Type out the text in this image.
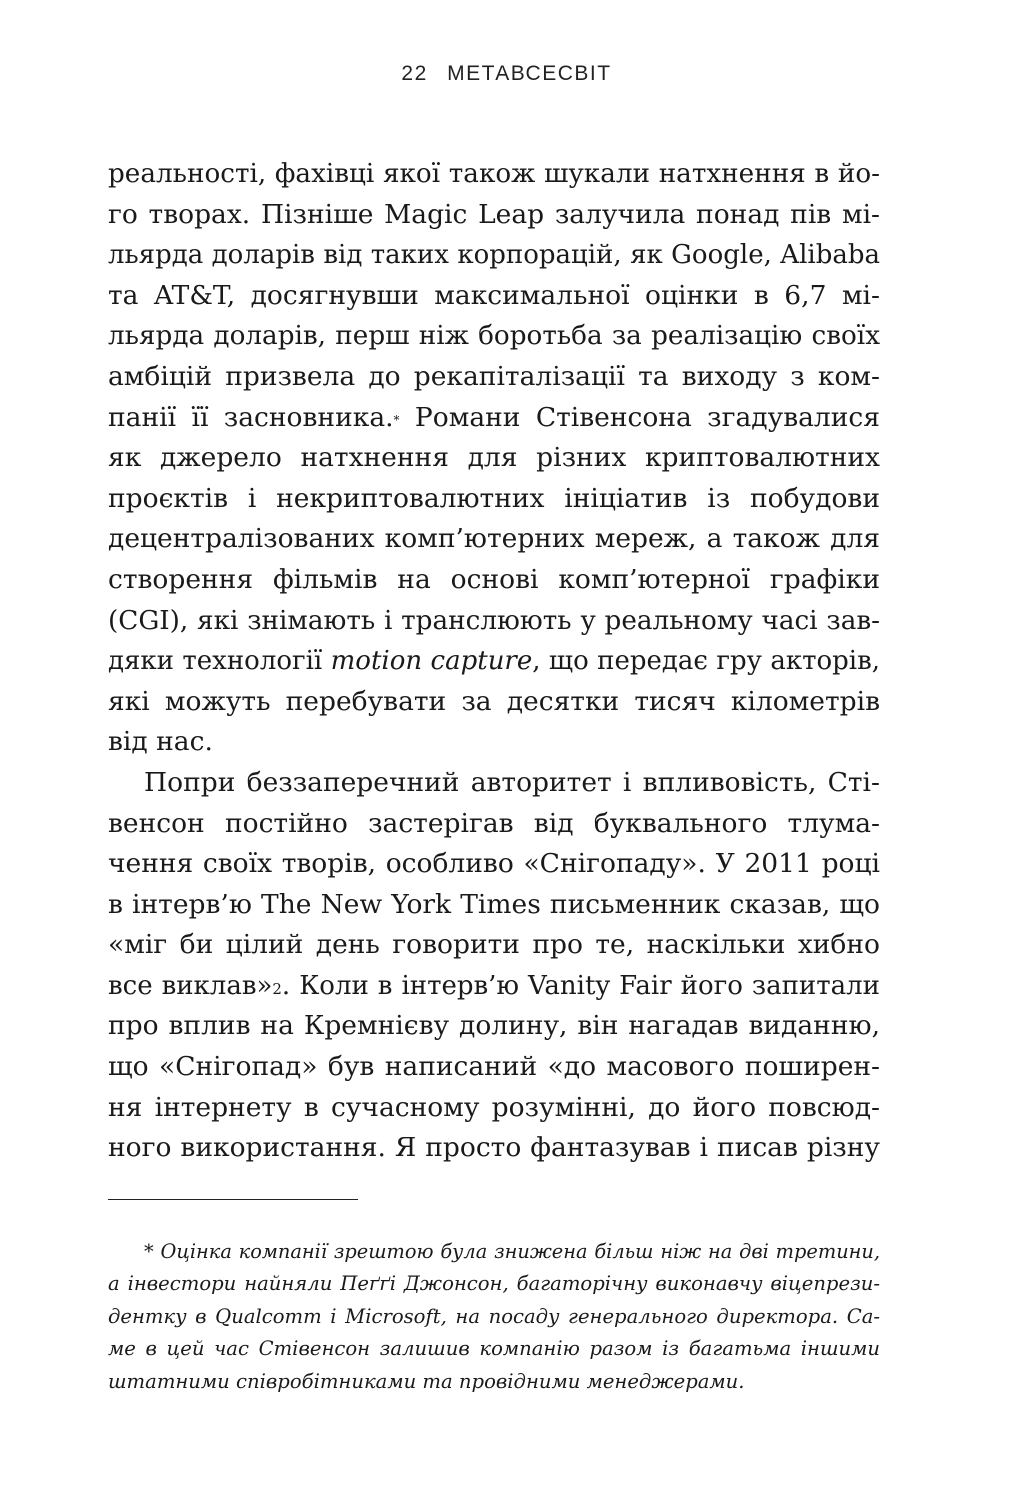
22 МЕТАВСЕСВІТ
реальності, фахівці якої також шукали натхнення в йо-
го творах. Пізніше Magic Leap залучила понад пів мі-
льярда доларів від таких корпорацій, як Google, Alibaba
та AT&T, досягнувши максимальної оцінки в 6,7 мі-
льярда доларів, перш ніж боротьба за реалізацію своїх
амбіцій призвела до рекапіталізації та виходу з ком-
панії її засновника.* Романи Стівенсона згадувалися
як джерело натхнення для різних криптовалютних
проєктів і некриптовалютних ініціатив із побудови
децентралізованих комп’ютерних мереж, а також для
створення фільмів на основі комп’ютерної графіки
(CGI), які знімають і транслюють у реальному часі зав-
дяки технології motion capture, що передає гру акторів,
які можуть перебувати за десятки тисяч кілометрів
від нас.
Попри беззаперечний авторитет і впливовість, Сті-
венсон постійно застерігав від буквального тлума-
чення своїх творів, особливо «Снігопаду». У 2011 році
в інтерв’ю The New York Times письменник сказав, що
«міг би цілий день говорити про те, наскільки хибно
все виклав»$^2$. Коли в інтерв’ю Vanity Fair його запитали
про вплив на Кремнієву долину, він нагадав виданню,
що «Снігопад» був написаний «до масового поширен-
ня інтернету в сучасному розумінні, до його повсюд-
ного використання. Я просто фантазував і писав різну
* Оцінка компанії зрештою була знижена більш ніж на дві третини,
а інвестори найняли Пеґґі Джонсон, багаторічну виконавчу віцепрези-
дентку в Qualcomm і Microsoft, на посаду генерального директора. Са-
ме в цей час Стівенсон залишив компанію разом із багатьма іншими
штатними співробітниками та провідними менеджерами.
